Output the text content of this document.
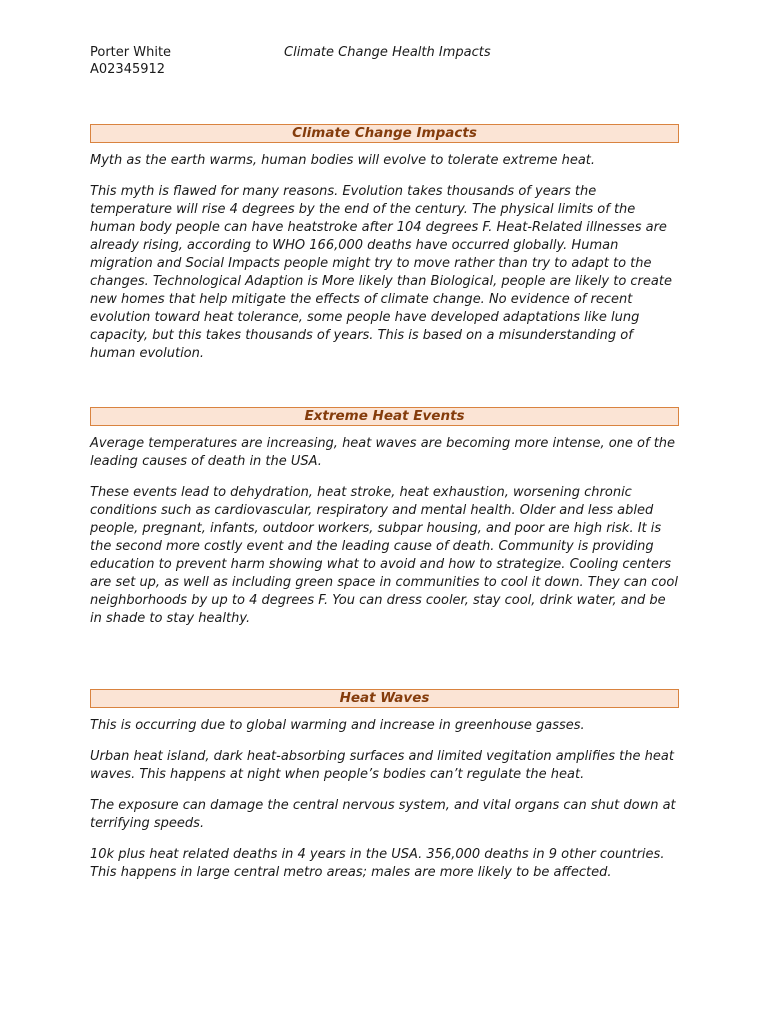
Porter White
A02345912
Climate Change Health Impacts
Climate Change Impacts

Myth as the earth warms, human bodies will evolve to tolerate extreme heat.

This myth is flawed for many reasons. Evolution takes thousands of years the temperature will rise 4 degrees by the end of the century. The physical limits of the human body people can have heatstroke after 104 degrees F. Heat-Related illnesses are already rising, according to WHO 166,000 deaths have occurred globally. Human migration and Social Impacts people might try to move rather than try to adapt to the changes. Technological Adaption is More likely than Biological, people are likely to create new homes that help mitigate the effects of climate change. No evidence of recent evolution toward heat tolerance, some people have developed adaptations like lung capacity, but this takes thousands of years. This is based on a misunderstanding of human evolution.

Extreme Heat Events

Average temperatures are increasing, heat waves are becoming more intense, one of the leading causes of death in the USA.

These events lead to dehydration, heat stroke, heat exhaustion, worsening chronic conditions such as cardiovascular, respiratory and mental health. Older and less abled people, pregnant, infants, outdoor workers, subpar housing, and poor are high risk. It is the second more costly event and the leading cause of death. Community is providing education to prevent harm showing what to avoid and how to strategize. Cooling centers are set up, as well as including green space in communities to cool it down. They can cool neighborhoods by up to 4 degrees F. You can dress cooler, stay cool, drink water, and be in shade to stay healthy.

Heat Waves

This is occurring due to global warming and increase in greenhouse gasses.

Urban heat island, dark heat-absorbing surfaces and limited vegitation amplifies the heat waves. This happens at night when people’s bodies can’t regulate the heat.

The exposure can damage the central nervous system, and vital organs can shut down at terrifying speeds.

10k plus heat related deaths in 4 years in the USA. 356,000 deaths in 9 other countries. This happens in large central metro areas; males are more likely to be affected.
